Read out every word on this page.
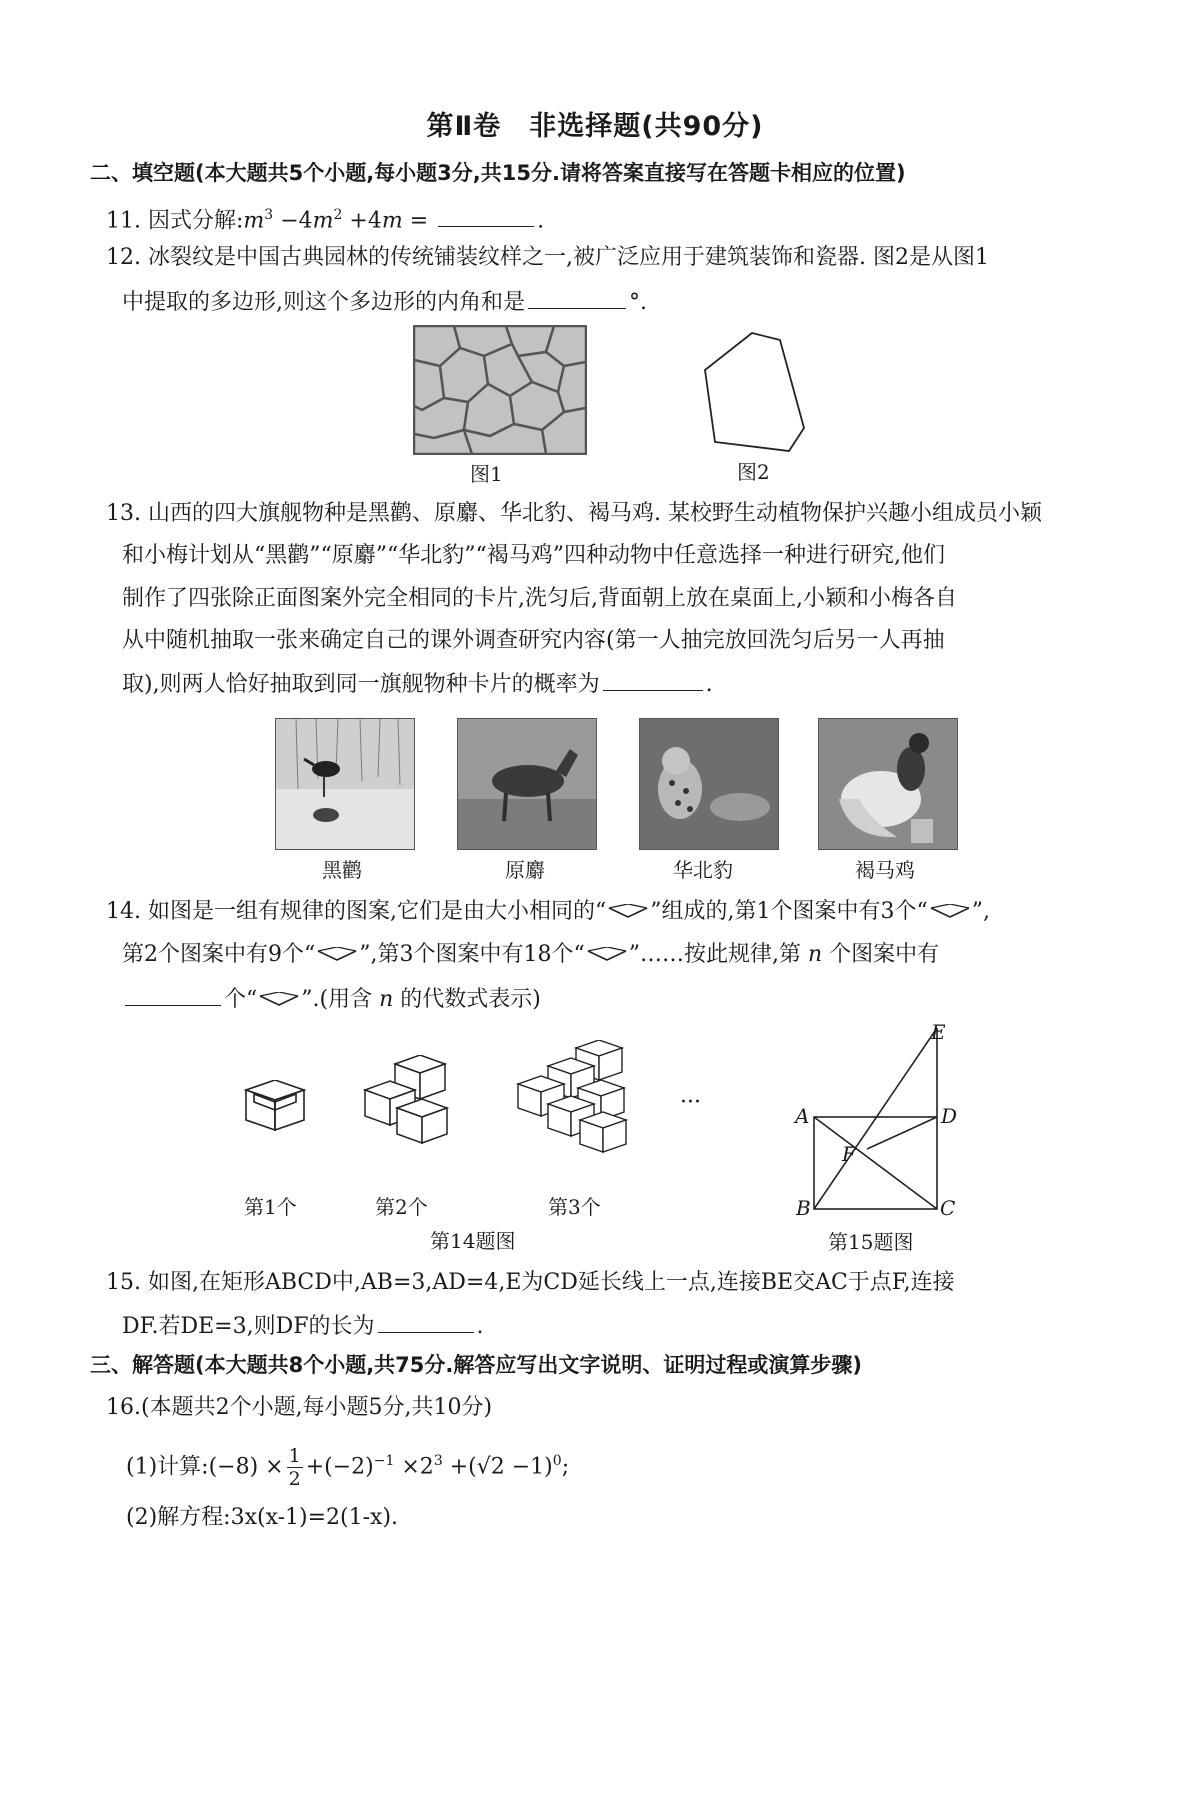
第Ⅱ卷　非选择题(共90分)
二、填空题(本大题共5个小题,每小题3分,共15分.请将答案直接写在答题卡相应的位置)
11. 因式分解$:m^3 -4m^2 +4m$ =	.
12. 冰裂纹是中国古典园林的传统铺装纹样之一,被广泛应用于建筑装饰和瓷器. 图2是从图1
中提取的多边形,则这个多边形的内角和是	°.
图1	图2
13. 山西的四大旗舰物种是黑鹳、原麝、华北豹、褐马鸡. 某校野生动植物保护兴趣小组成员小颖
和小梅计划从“黑鹳”“原麝”“华北豹”“褐马鸡”四种动物中任意选择一种进行研究,他们
制作了四张除正面图案外完全相同的卡片,洗匀后,背面朝上放在桌面上,小颖和小梅各自
从中随机抽取一张来确定自己的课外调查研究内容(第一人抽完放回洗匀后另一人再抽
取),则两人恰好抽取到同一旗舰物种卡片的概率为	.
黑鹳	原麝	华北豹	褐马鸡
14. 如图是一组有规律的图案,它们是由大小相同的“ ”组成的,第1个图案中有3个“ ”,
第2个图案中有9个“ ”,第3个图案中有18个“ ”……按此规律,第 n 个图案中有
个“ ”.(用含 n 的代数式表示)
···
第1个	第2个	第3个
第14题图
E
A	D
F
B	C
第15题图
15. 如图,在矩形ABCD中,AB=3,AD=4,E为CD延长线上一点,连接BE交AC于点F,连接
DF.若DE=3,则DF的长为	.
三、解答题(本大题共8个小题,共75分.解答应写出文字说明、证明过程或演算步骤)
16.(本题共2个小题,每小题5分,共10分)
(1)计算:(−8) × $\frac{1}{2} +(-2)^{-1} \times 2^3 +(√2 -1)^0$;
(2)解方程:3x(x-1)=2(1-x).
